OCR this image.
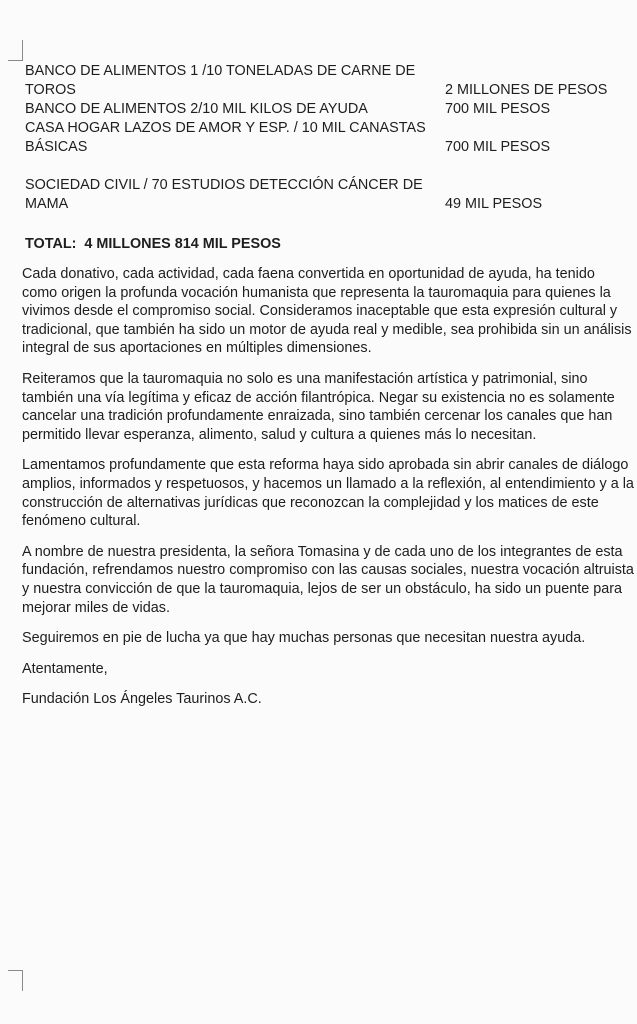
BANCO DE ALIMENTOS 1 /10 TONELADAS DE CARNE DE TOROS	2 MILLONES DE PESOS
BANCO DE ALIMENTOS 2/10 MIL KILOS DE AYUDA	700 MIL PESOS
CASA HOGAR LAZOS DE AMOR Y ESP. / 10 MIL CANASTAS BÁSICAS	700 MIL PESOS
SOCIEDAD CIVIL / 70 ESTUDIOS DETECCIÓN CÁNCER DE MAMA	49 MIL PESOS
TOTAL:  4 MILLONES 814 MIL PESOS

Cada donativo, cada actividad, cada faena convertida en oportunidad de ayuda, ha tenido como origen la profunda vocación humanista que representa la tauromaquia para quienes la vivimos desde el compromiso social. Consideramos inaceptable que esta expresión cultural y tradicional, que también ha sido un motor de ayuda real y medible, sea prohibida sin un análisis integral de sus aportaciones en múltiples dimensiones.

Reiteramos que la tauromaquia no solo es una manifestación artística y patrimonial, sino también una vía legítima y eficaz de acción filantrópica. Negar su existencia no es solamente cancelar una tradición profundamente enraizada, sino también cercenar los canales que han permitido llevar esperanza, alimento, salud y cultura a quienes más lo necesitan.

Lamentamos profundamente que esta reforma haya sido aprobada sin abrir canales de diálogo amplios, informados y respetuosos, y hacemos un llamado a la reflexión, al entendimiento y a la construcción de alternativas jurídicas que reconozcan la complejidad y los matices de este fenómeno cultural.

A nombre de nuestra presidenta, la señora Tomasina y de cada uno de los integrantes de esta fundación, refrendamos nuestro compromiso con las causas sociales, nuestra vocación altruista y nuestra convicción de que la tauromaquia, lejos de ser un obstáculo, ha sido un puente para mejorar miles de vidas.

Seguiremos en pie de lucha ya que hay muchas personas que necesitan nuestra ayuda.

Atentamente,

Fundación Los Ángeles Taurinos A.C.
